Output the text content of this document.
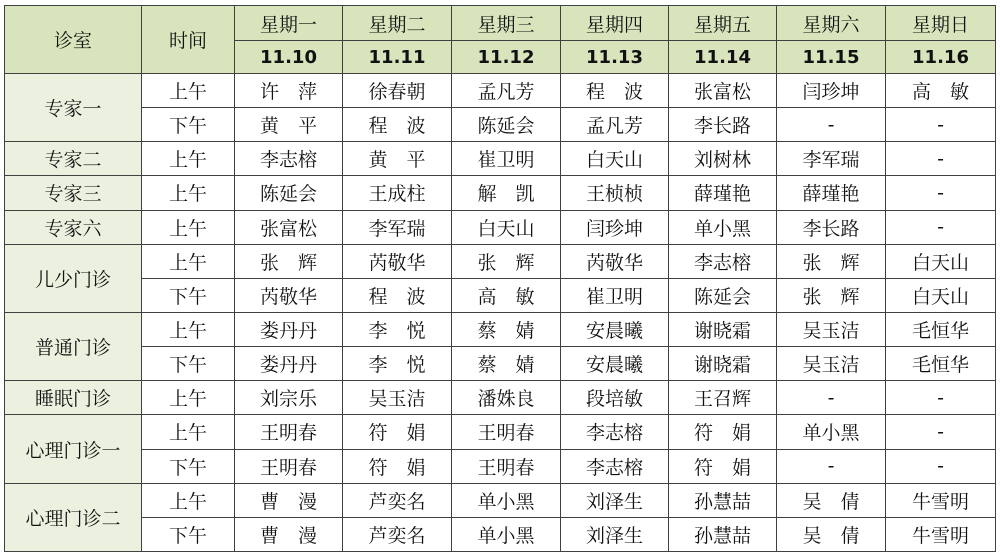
诊室	时间	星期一	星期二	星期三	星期四	星期五	星期六	星期日
		11.10	11.11	11.12	11.13	11.14	11.15	11.16
专家一	上午	许　萍	徐春朝	孟凡芳	程　波	张富松	闫珍坤	高　敏
	下午	黄　平	程　波	陈延会	孟凡芳	李长路	-	-
专家二	上午	李志榕	黄　平	崔卫明	白天山	刘树林	李军瑞	-
专家三	上午	陈延会	王成柱	解　凯	王桢桢	薛瑾艳	薛瑾艳	-
专家六	上午	张富松	李军瑞	白天山	闫珍坤	单小黑	李长路	-
儿少门诊	上午	张　辉	芮敬华	张　辉	芮敬华	李志榕	张　辉	白天山
	下午	芮敬华	程　波	高　敏	崔卫明	陈延会	张　辉	白天山
普通门诊	上午	娄丹丹	李　悦	蔡　婧	安晨曦	谢晓霜	吴玉洁	毛恒华
	下午	娄丹丹	李　悦	蔡　婧	安晨曦	谢晓霜	吴玉洁	毛恒华
睡眠门诊	上午	刘宗乐	吴玉洁	潘姝良	段培敏	王召辉	-	-
心理门诊一	上午	王明春	符　娟	王明春	李志榕	符　娟	单小黑	-
	下午	王明春	符　娟	王明春	李志榕	符　娟	-	-
心理门诊二	上午	曹　漫	芦奕名	单小黑	刘泽生	孙慧喆	吴　倩	牛雪明
	下午	曹　漫	芦奕名	单小黑	刘泽生	孙慧喆	吴　倩	牛雪明
